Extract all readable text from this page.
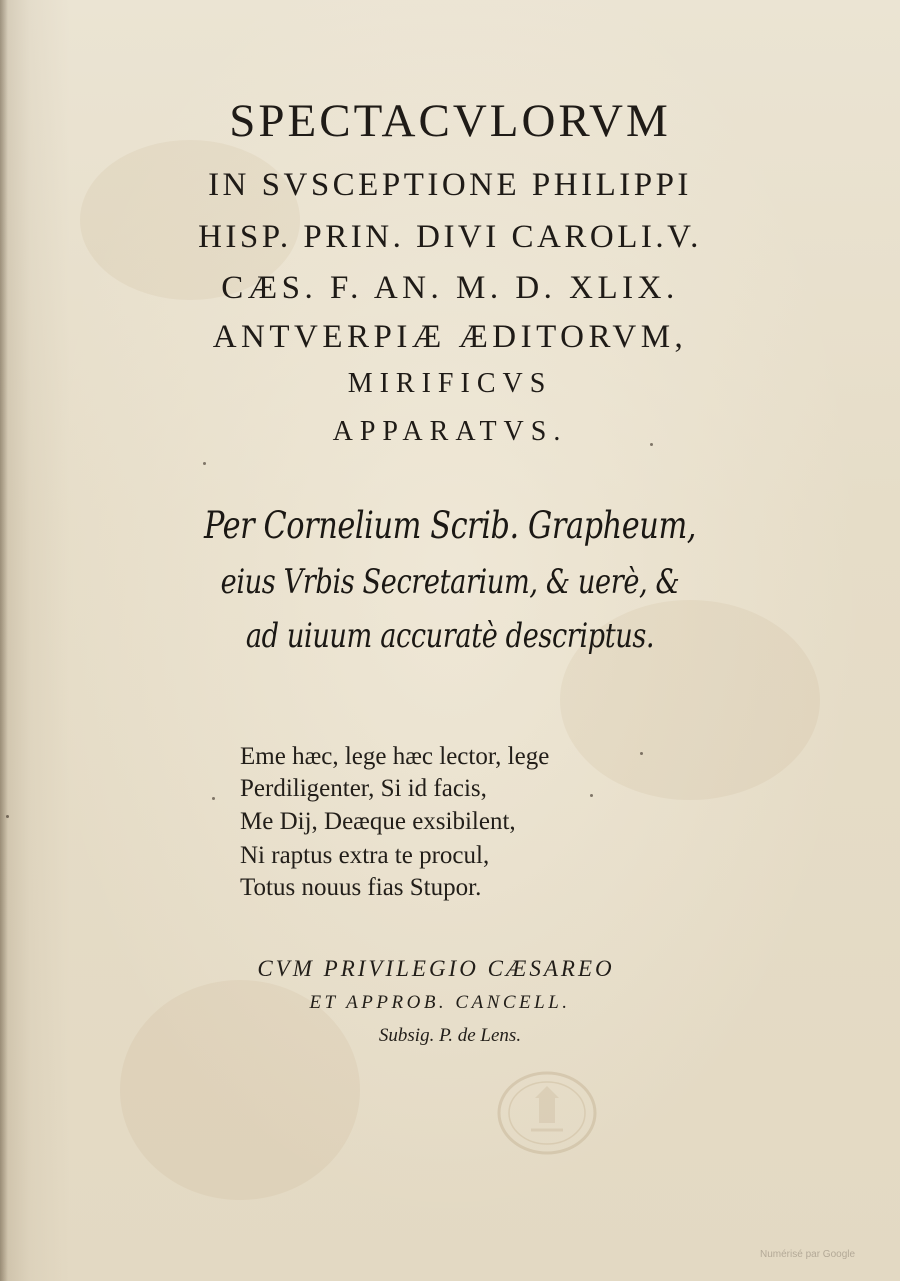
SPECTACVLORVM
IN SVSCEPTIONE PHILIPPI
HISP. PRIN. DIVI CAROLI.V.
CÆS. F. AN. M. D. XLIX.
ANTVERPIÆ ÆDITORVM,
MIRIFICVS
APPARATVS.
Per Cornelium Scrib. Grapheum,
eius Vrbis Secretarium, & uerè, &
ad uiuum accuratè descriptus.
Eme hæc, lege hæc lector, lege
Perdiligenter, Si id facis,
Me Dij, Deæque exsibilent,
Ni raptus extra te procul,
Totus nouus fias Stupor.
CVM PRIVILEGIO CÆSAREO
ET APPROB. CANCELL.
Subsig. P. de Lens.
Numérisé par Google
